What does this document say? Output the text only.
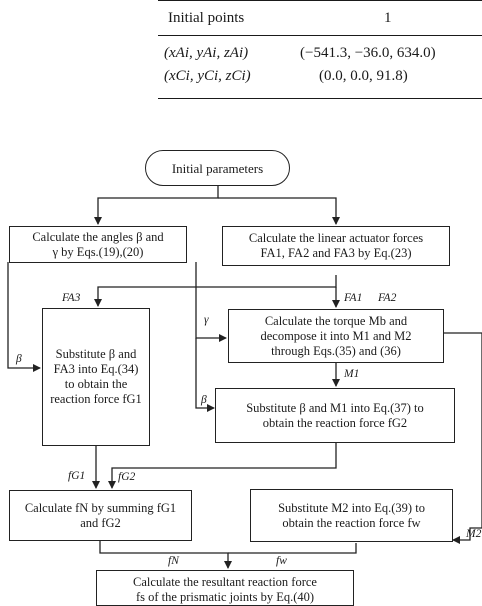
Initial points	1
(xAi, yAi, zAi)	(−541.3, −36.0, 634.0)
(xCi, yCi, zCi)	(0.0, 0.0, 91.8)
Initial parameters
Calculate the angles β and
γ by Eqs.(19),(20)
Calculate the linear actuator forces
FA1, FA2 and FA3 by Eq.(23)
Calculate the torque Mb and
decompose it into M1 and M2
through Eqs.(35) and (36)
Substitute β and
FA3 into Eq.(34)
to obtain the
reaction force fG1
Substitute β and M1 into Eq.(37) to
obtain the reaction force fG2
Calculate fN by summing fG1
and fG2
Substitute M2 into Eq.(39) to
obtain the reaction force fw
Calculate the resultant reaction force
fs of the prismatic joints by Eq.(40)
FA3	FA1 FA2
γ
β
β
M1
M2
fG1	fG2
fN	fw
